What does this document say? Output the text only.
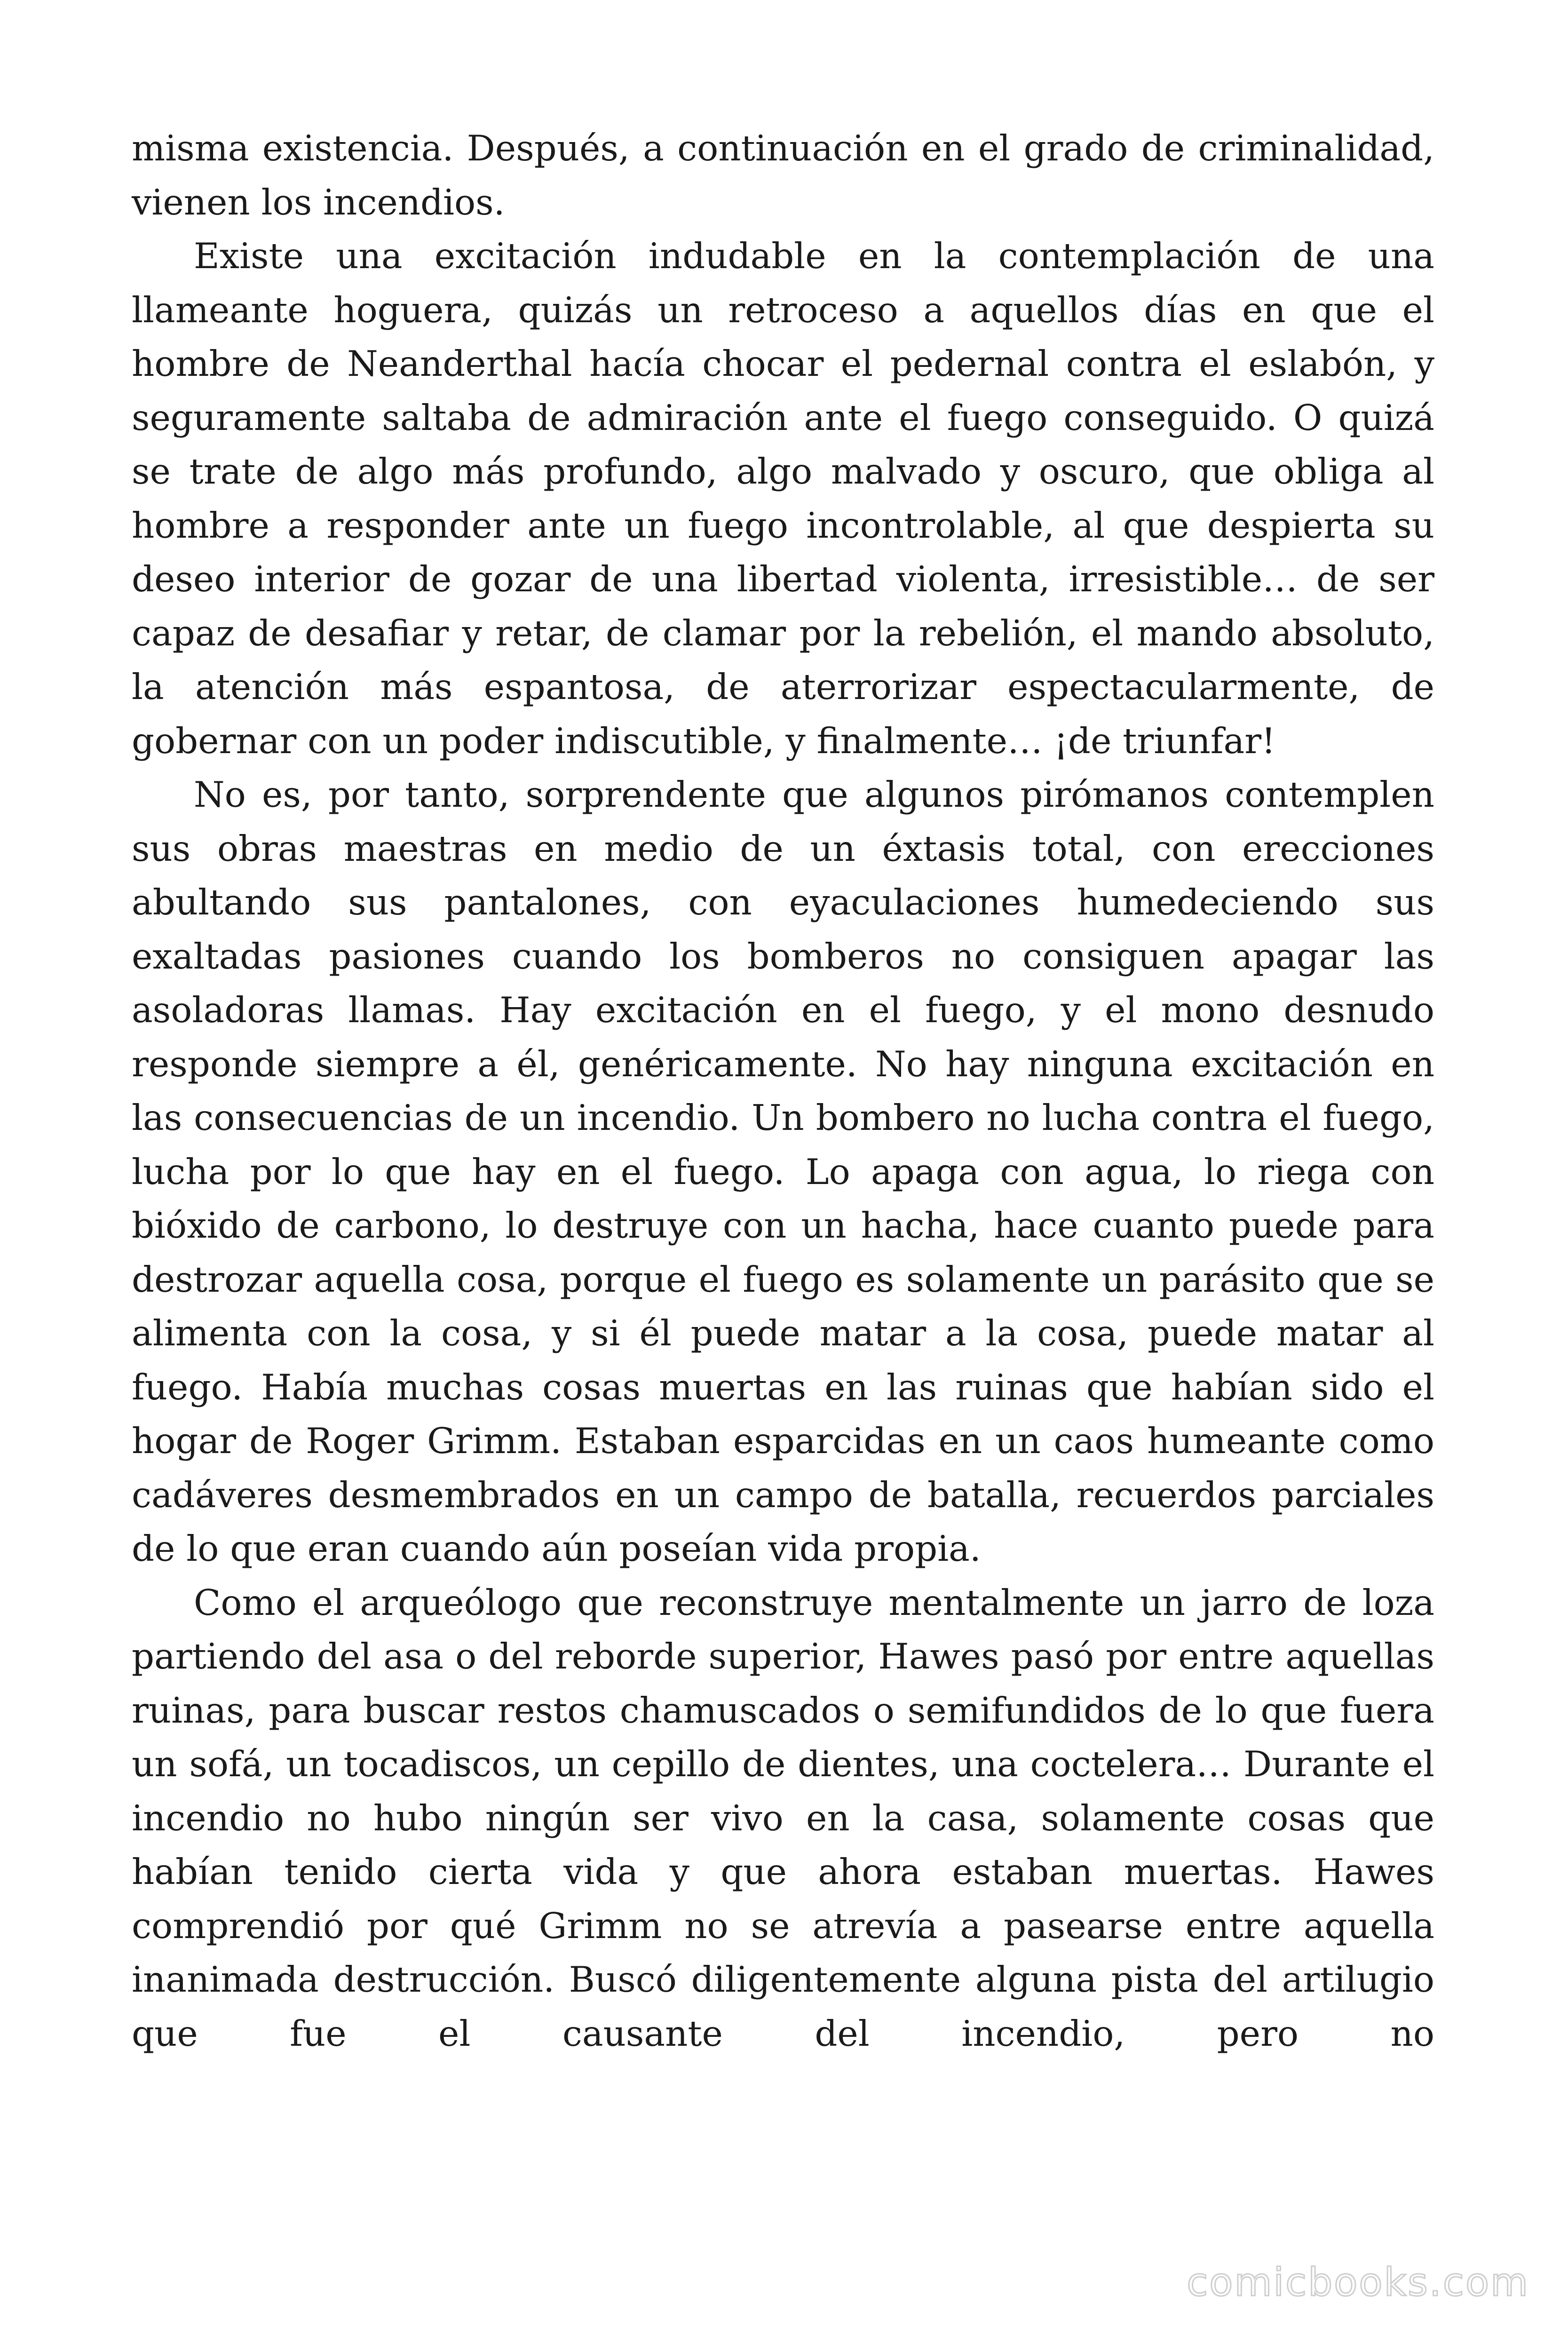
misma existencia. Después, a continuación en el grado de criminalidad, vienen los incendios.

Existe una excitación indudable en la contemplación de una llameante hoguera, quizás un retroceso a aquellos días en que el hombre de Neanderthal hacía chocar el pedernal contra el eslabón, y seguramente saltaba de admiración ante el fuego conseguido. O quizá se trate de algo más profundo, algo malvado y oscuro, que obliga al hombre a responder ante un fuego incontrolable, al que despierta su deseo interior de gozar de una libertad violenta, irresistible… de ser capaz de desafiar y retar, de clamar por la rebelión, el mando absoluto, la atención más espantosa, de aterrorizar espectacularmente, de gobernar con un poder indiscutible, y finalmente… ¡de triunfar!

No es, por tanto, sorprendente que algunos pirómanos contemplen sus obras maestras en medio de un éxtasis total, con erecciones abultando sus pantalones, con eyaculaciones humedeciendo sus exaltadas pasiones cuando los bomberos no consiguen apagar las asoladoras llamas. Hay excitación en el fuego, y el mono desnudo responde siempre a él, genéricamente. No hay ninguna excitación en las consecuencias de un incendio. Un bombero no lucha contra el fuego, lucha por lo que hay en el fuego. Lo apaga con agua, lo riega con bióxido de carbono, lo destruye con un hacha, hace cuanto puede para destrozar aquella cosa, porque el fuego es solamente un parásito que se alimenta con la cosa, y si él puede matar a la cosa, puede matar al fuego. Había muchas cosas muertas en las ruinas que habían sido el hogar de Roger Grimm. Estaban esparcidas en un caos humeante como cadáveres desmembrados en un campo de batalla, recuerdos parciales de lo que eran cuando aún poseían vida propia.

Como el arqueólogo que reconstruye mentalmente un jarro de loza partiendo del asa o del reborde superior, Hawes pasó por entre aquellas ruinas, para buscar restos chamuscados o semifundidos de lo que fuera un sofá, un tocadiscos, un cepillo de dientes, una coctelera… Durante el incendio no hubo ningún ser vivo en la casa, solamente cosas que habían tenido cierta vida y que ahora estaban muertas. Hawes comprendió por qué Grimm no se atrevía a pasearse entre aquella inanimada destrucción. Buscó diligentemente alguna pista del artilugio que fue el causante del incendio, pero no

comicbooks.com
